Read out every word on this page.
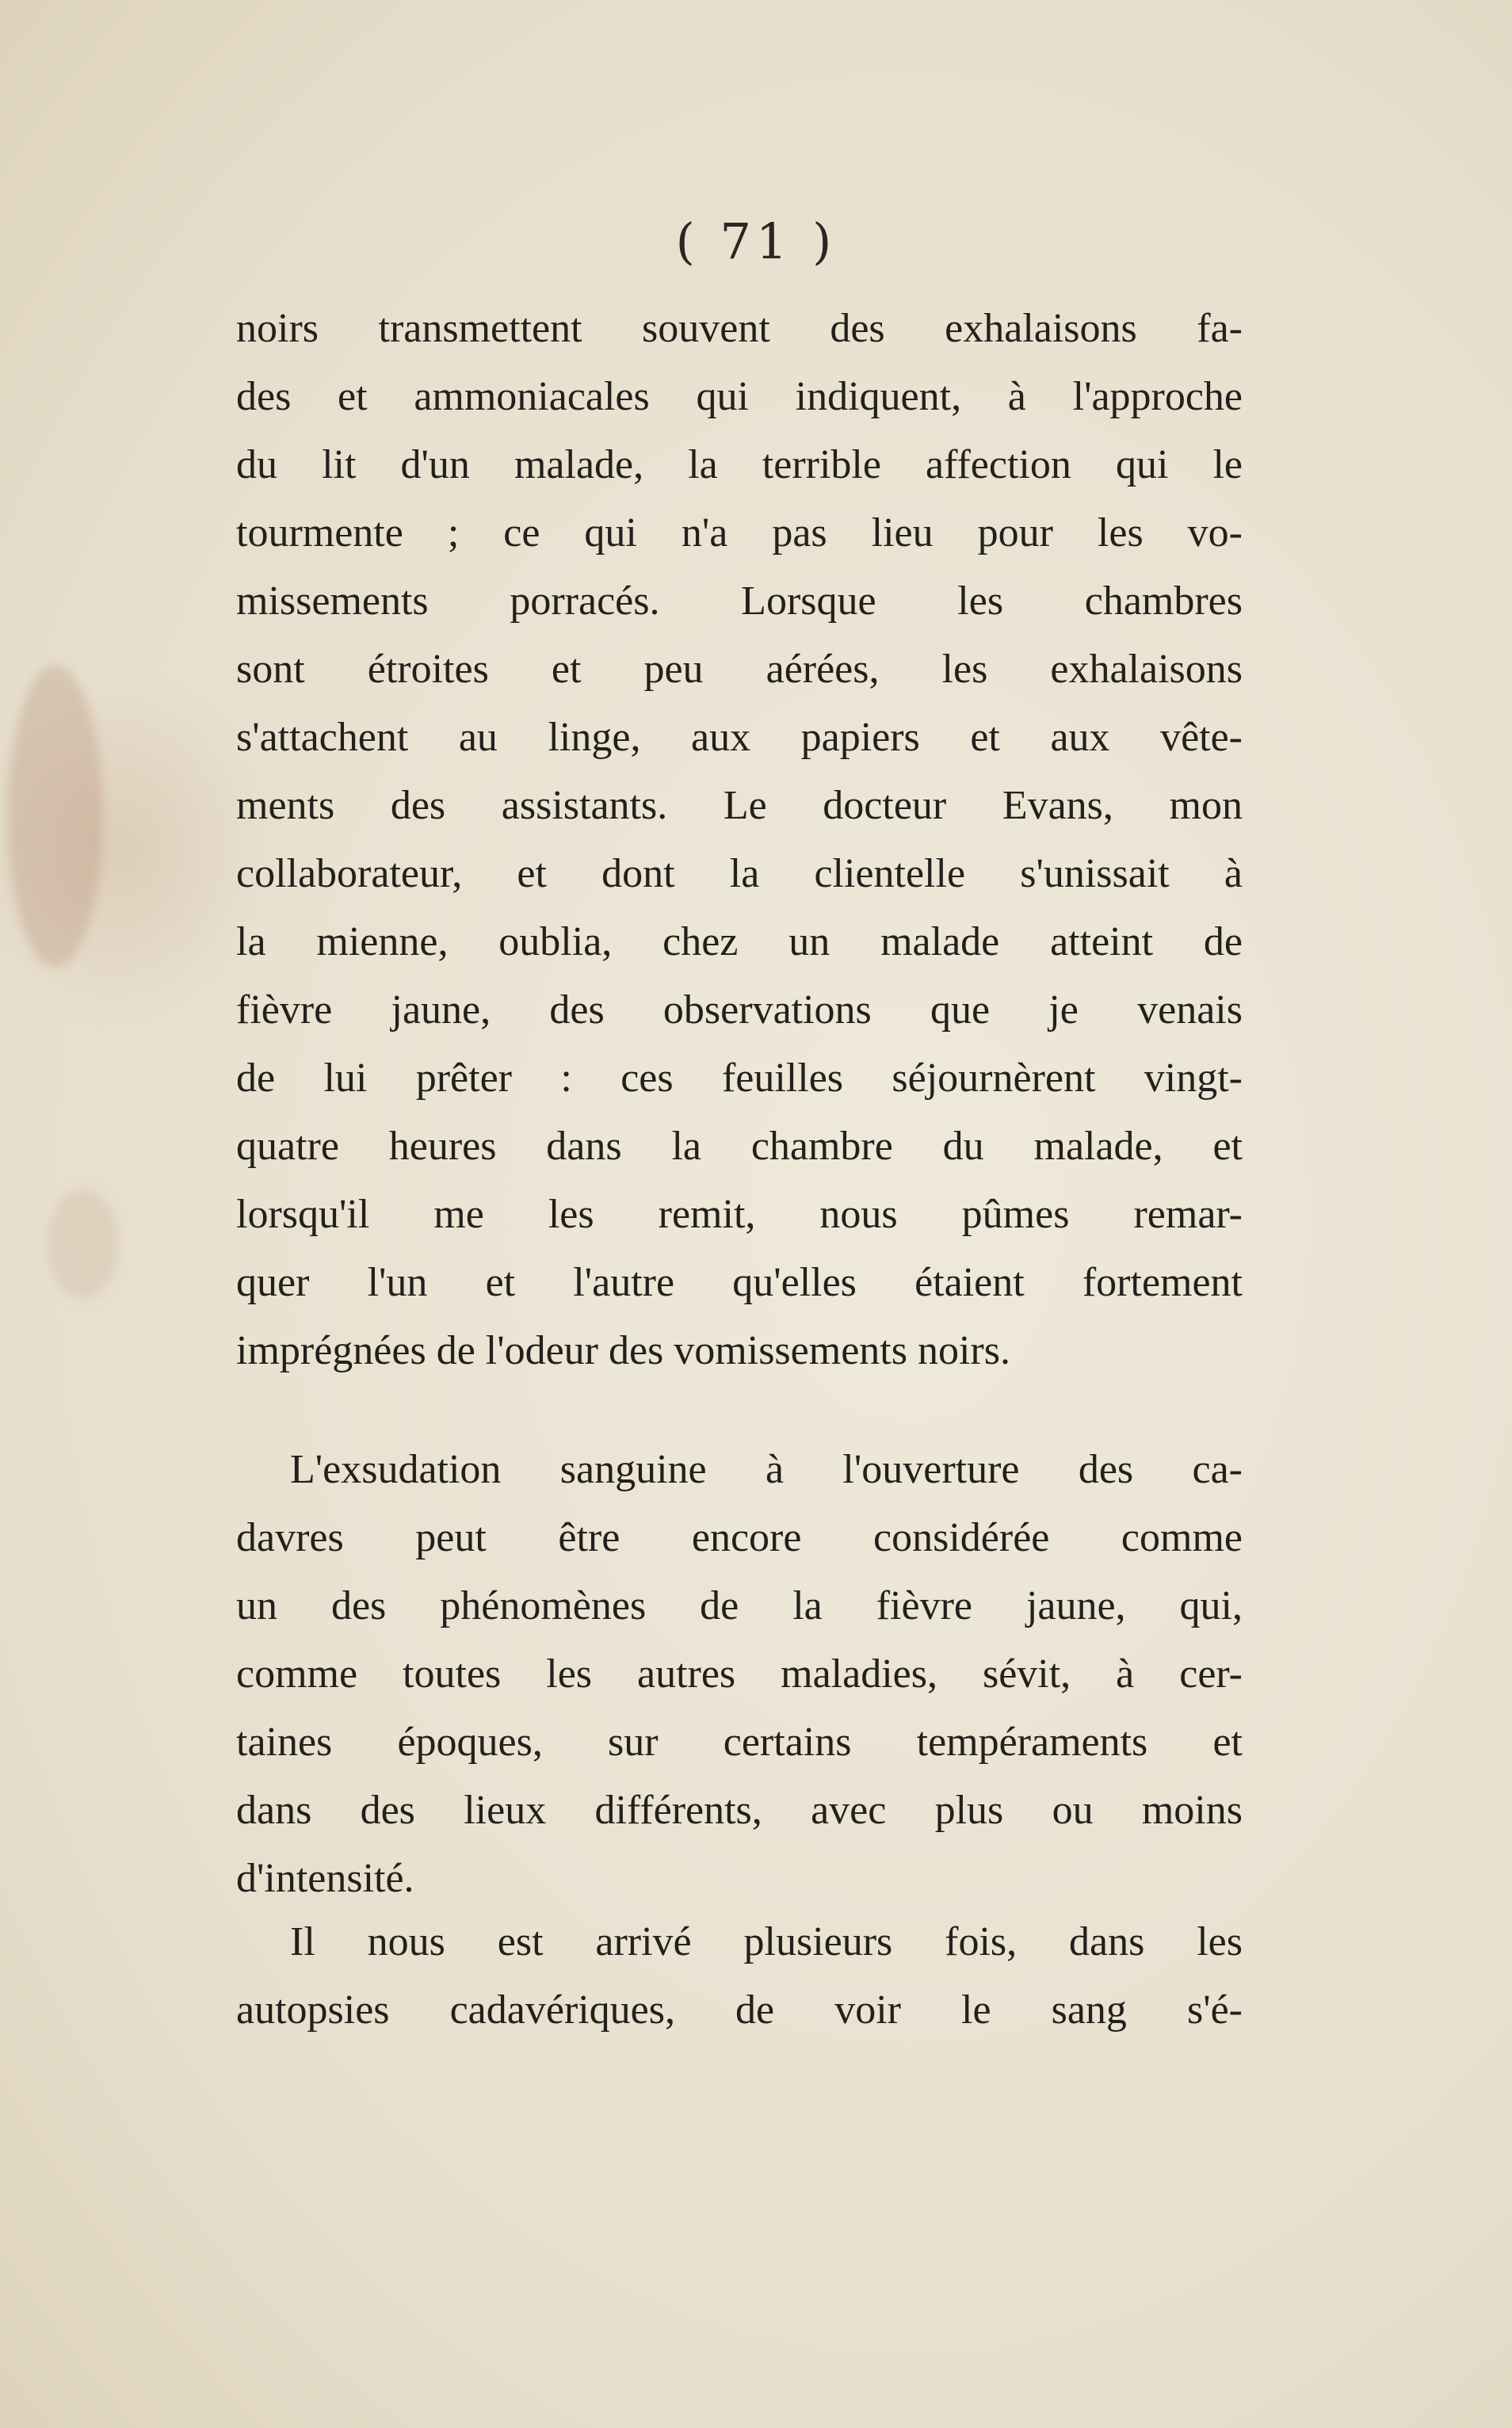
( 71 )
noirs transmettent souvent des exhalaisons fa-
des et ammoniacales qui indiquent, à l'approche
du lit d'un malade, la terrible affection qui le
tourmente ; ce qui n'a pas lieu pour les vo-
missements porracés. Lorsque les chambres
sont étroites et peu aérées, les exhalaisons
s'attachent au linge, aux papiers et aux vête-
ments des assistants. Le docteur Evans, mon
collaborateur, et dont la clientelle s'unissait à
la mienne, oublia, chez un malade atteint de
fièvre jaune, des observations que je venais
de lui prêter : ces feuilles séjournèrent vingt-
quatre heures dans la chambre du malade, et
lorsqu'il me les remit, nous pûmes remar-
quer l'un et l'autre qu'elles étaient fortement
imprégnées de l'odeur des vomissements noirs.
L'exsudation sanguine à l'ouverture des ca-
davres peut être encore considérée comme
un des phénomènes de la fièvre jaune, qui,
comme toutes les autres maladies, sévit, à cer-
taines époques, sur certains tempéraments et
dans des lieux différents, avec plus ou moins
d'intensité.
Il nous est arrivé plusieurs fois, dans les
autopsies cadavériques, de voir le sang s'é-
